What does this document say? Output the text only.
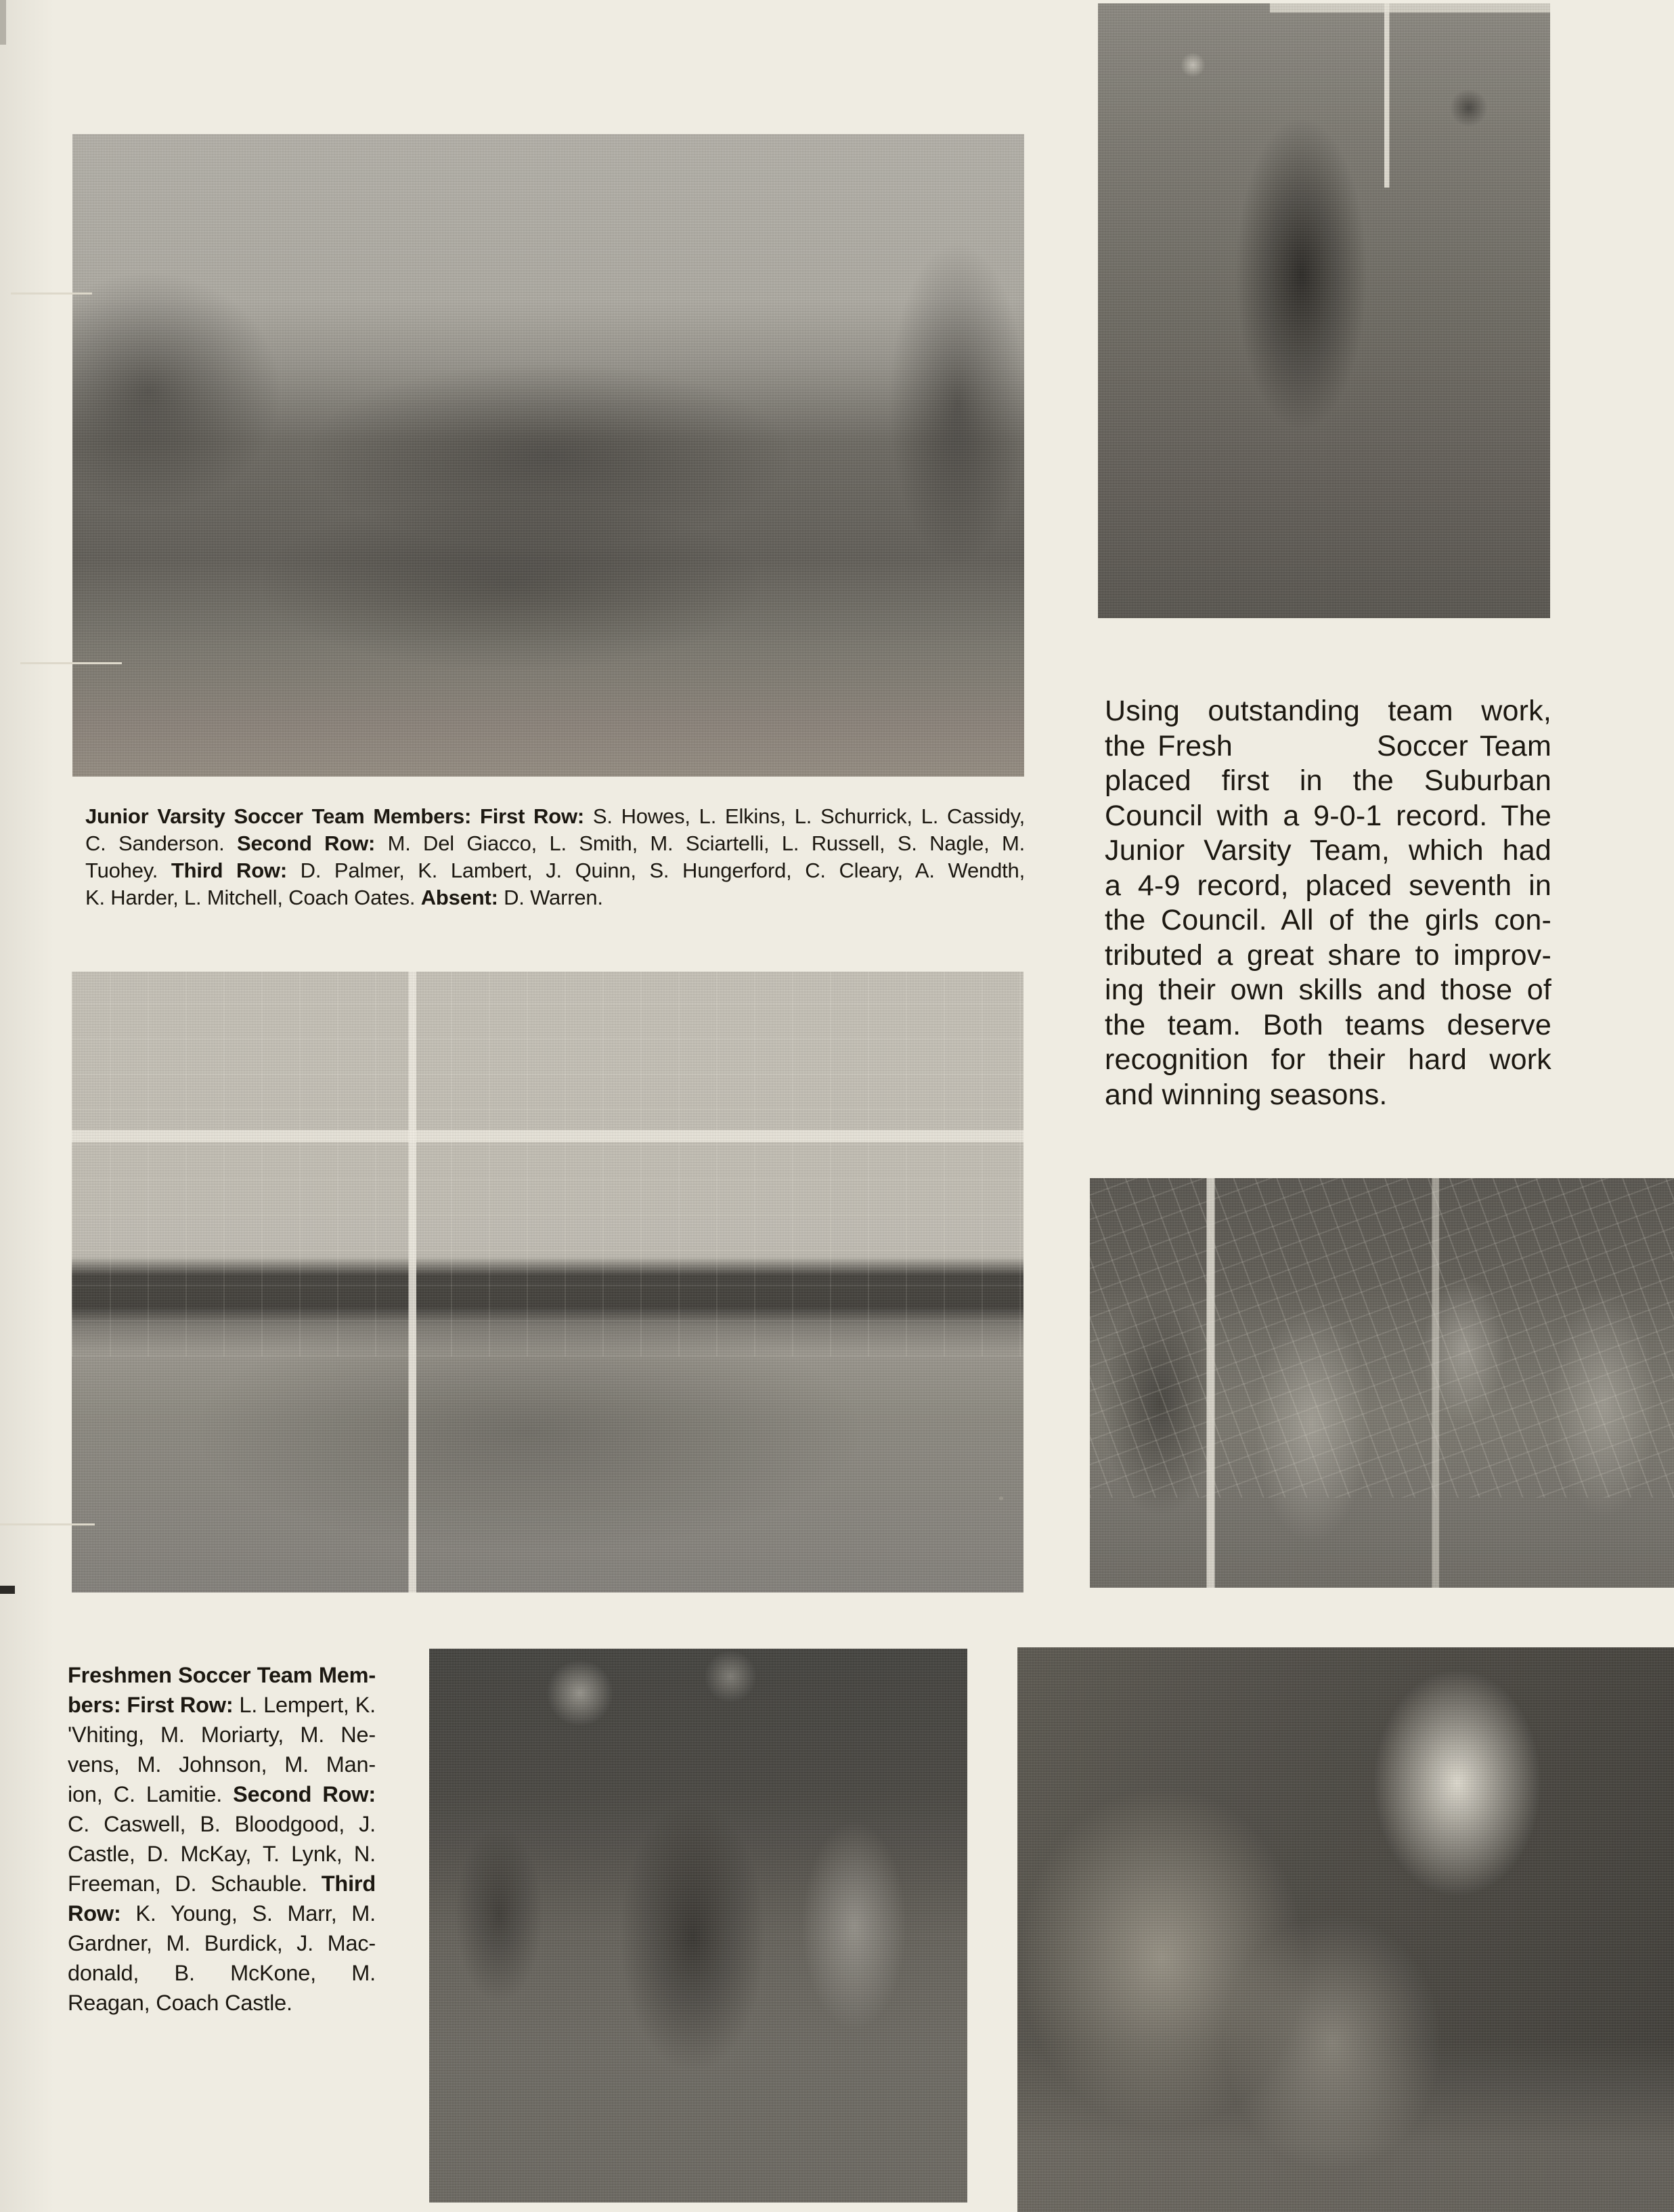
Junior Varsity Soccer Team Members: First Row: S. Howes, L. Elkins, L. Schurrick, L. Cassidy,
C. Sanderson. Second Row: M. Del Giacco, L. Smith, M. Sciartelli, L. Russell, S. Nagle, M.
Tuohey. Third Row: D. Palmer, K. Lambert, J. Quinn, S. Hungerford, C. Cleary, A. Wendth,
K. Harder, L. Mitchell, Coach Oates. Absent: D. Warren.
Using outstanding team work,
the Fresh            Soccer Team
placed first in the Suburban
Council with a 9-0-1 record. The
Junior Varsity Team, which had
a 4-9 record, placed seventh in
the Council. All of the girls con-
tributed a great share to improv-
ing their own skills and those of
the team. Both teams deserve
recognition for their hard work
and winning seasons.
Freshmen Soccer Team Mem-
bers: First Row: L. Lempert, K.
'Vhiting, M. Moriarty, M. Ne-
vens, M. Johnson, M. Man-
ion, C. Lamitie. Second Row:
C. Caswell, B. Bloodgood, J.
Castle, D. McKay, T. Lynk, N.
Freeman, D. Schauble. Third
Row: K. Young, S. Marr, M.
Gardner, M. Burdick, J. Mac-
donald, B. McKone, M.
Reagan, Coach Castle.
